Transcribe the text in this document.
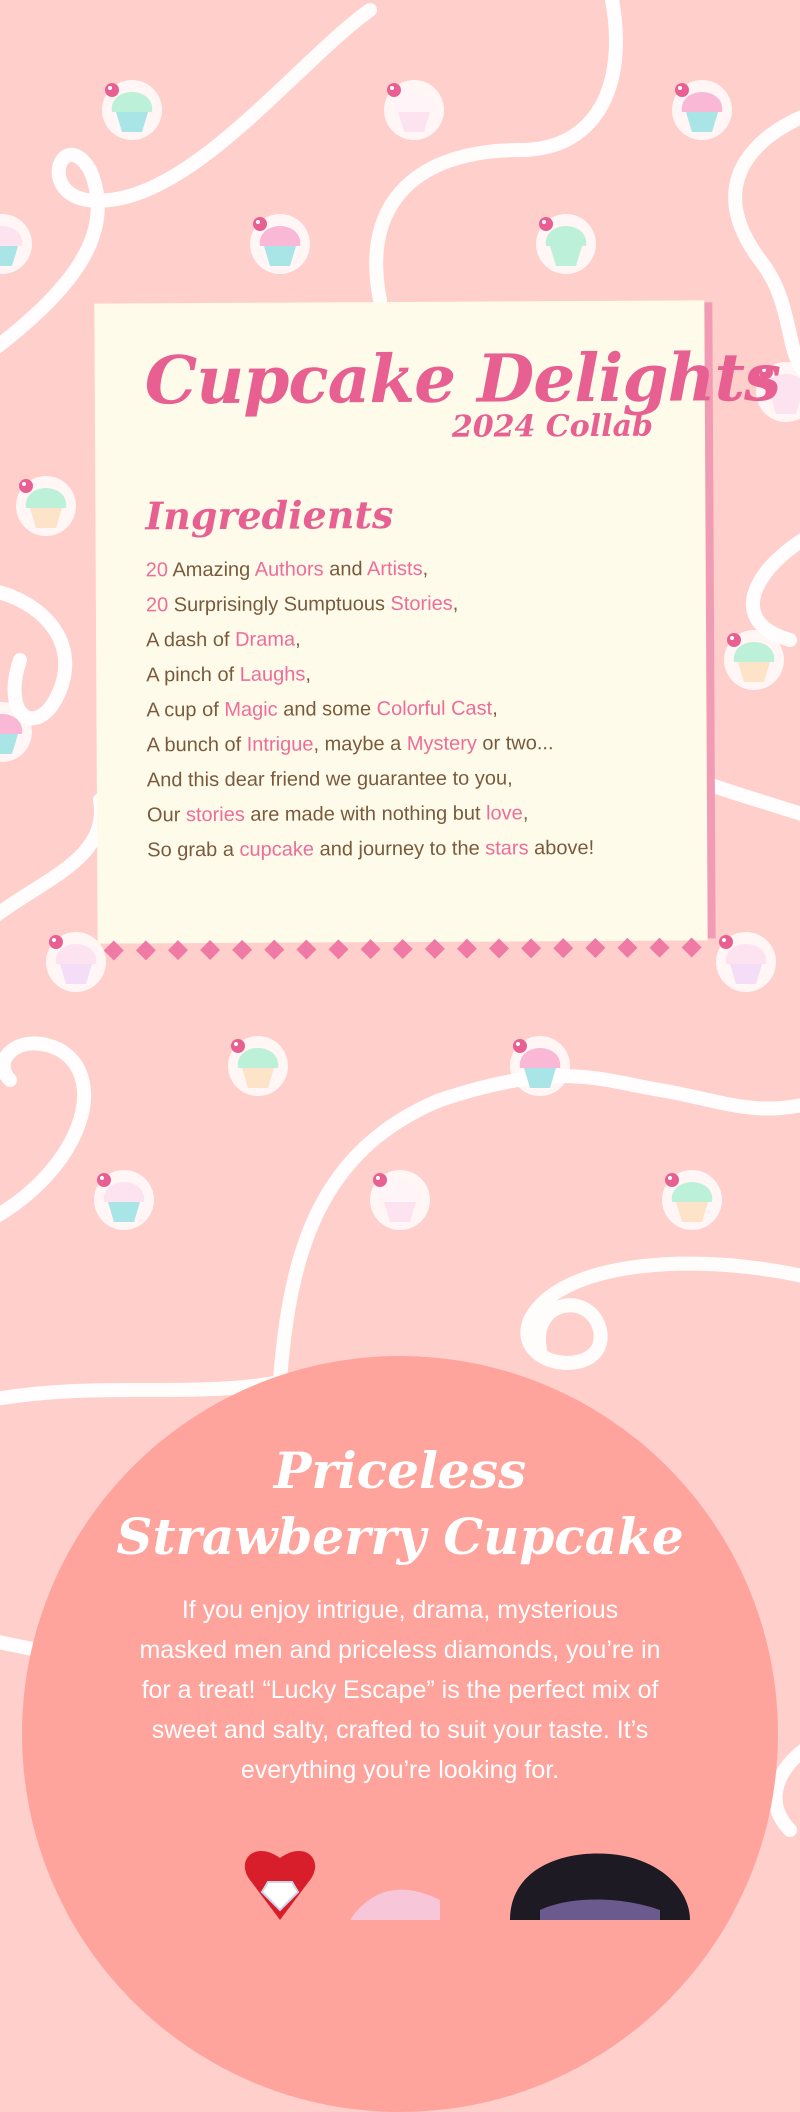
Cupcake Delights
2024 Collab
Ingredients
20 Amazing Authors and Artists,
20 Surprisingly Sumptuous Stories,
A dash of Drama,
A pinch of Laughs,
A cup of Magic and some Colorful Cast,
A bunch of Intrigue, maybe a Mystery or two...
And this dear friend we guarantee to you,
Our stories are made with nothing but love,
So grab a cupcake and journey to the stars above!
Priceless
Strawberry Cupcake

If you enjoy intrigue, drama, mysterious masked men and priceless diamonds, you’re in for a treat! “Lucky Escape” is the perfect mix of sweet and salty, crafted to suit your taste. It’s everything you’re looking for.
